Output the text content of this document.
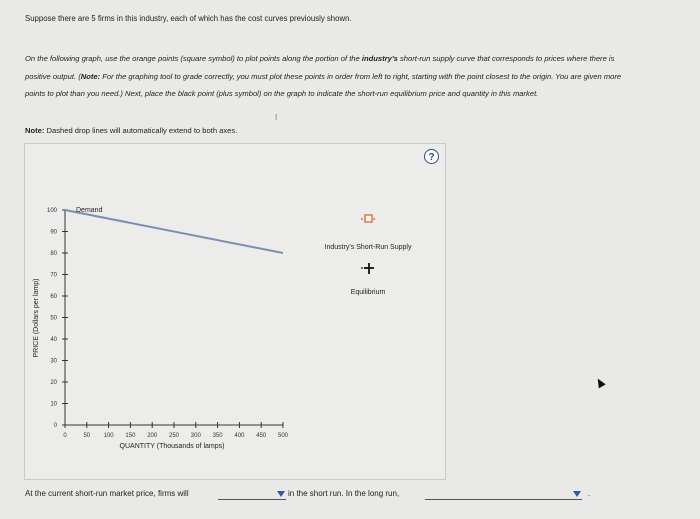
Suppose there are 5 firms in this industry, each of which has the cost curves previously shown.

On the following graph, use the orange points (square symbol) to plot points along the portion of the industry's short-run supply curve that corresponds to prices where there is positive output. (Note: For the graphing tool to grade correctly, you must plot these points in order from left to right, starting with the point closest to the origin. You are given more points to plot than you need.) Next, place the black point (plus symbol) on the graph to indicate the short-run equilibrium price and quantity in this market.

I

Note: Dashed drop lines will automatically extend to both axes.

?
100
90
80
70
60
50
40
30
20
10
0
0	50 100 150 200 250 300 350 400 450 500
PRICE (Dollars per lamp)
QUANTITY (Thousands of lamps)
Demand
Industry's Short-Run Supply
Equilibrium
At the current short-run market price, firms will	in the short run. In the long run,	.
